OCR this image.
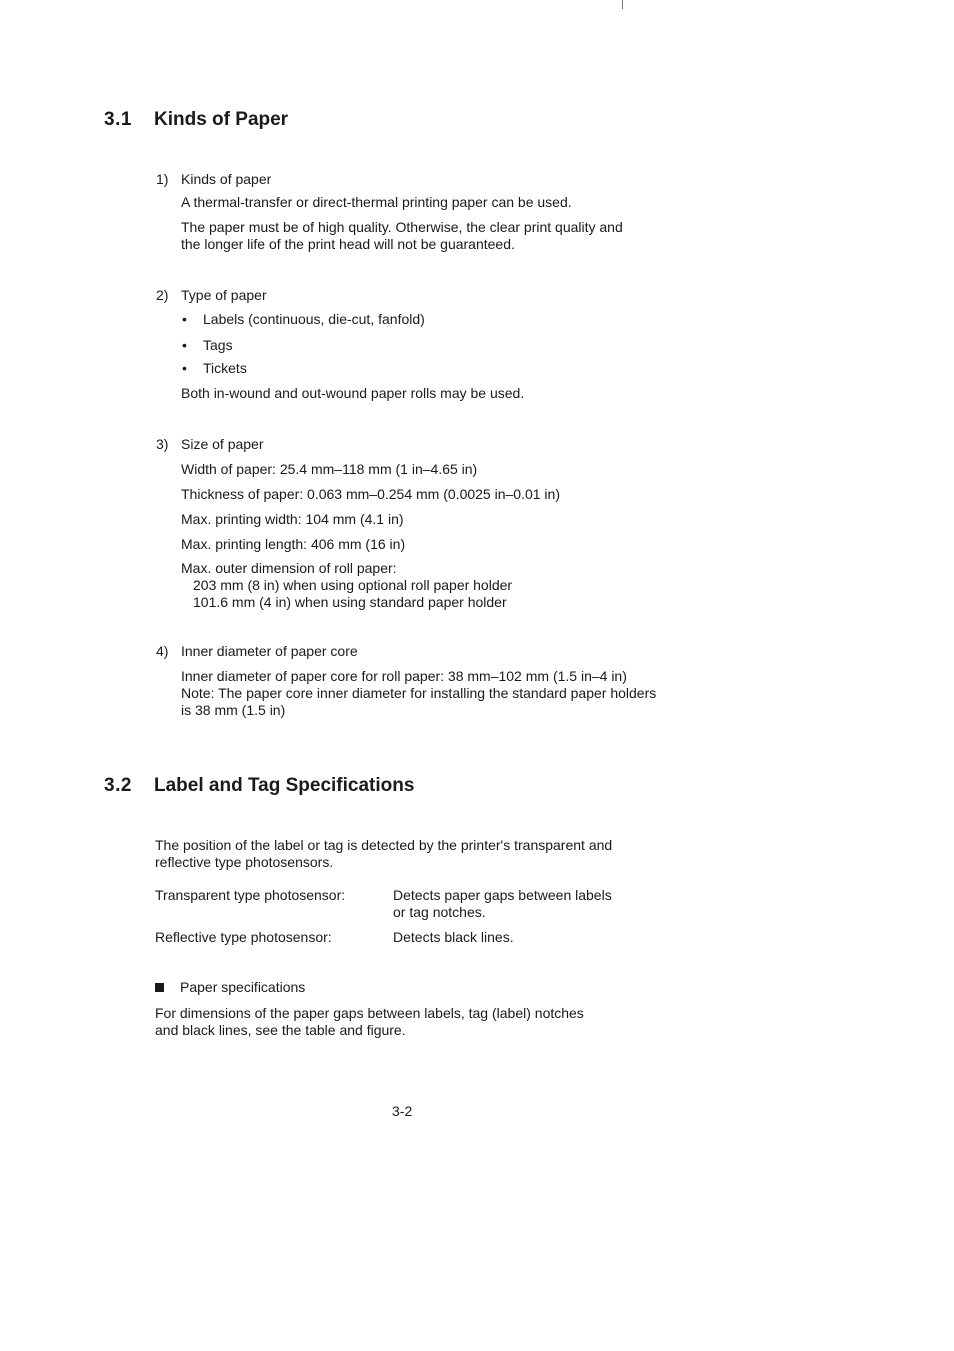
3.1 Kinds of Paper
1) Kinds of paper
A thermal-transfer or direct-thermal printing paper can be used.
The paper must be of high quality. Otherwise, the clear print quality and
the longer life of the print head will not be guaranteed.
2) Type of paper
• Labels (continuous, die-cut, fanfold)
• Tags
• Tickets
Both in-wound and out-wound paper rolls may be used.
3) Size of paper
Width of paper: 25.4 mm–118 mm (1 in–4.65 in)
Thickness of paper: 0.063 mm–0.254 mm (0.0025 in–0.01 in)
Max. printing width: 104 mm (4.1 in)
Max. printing length: 406 mm (16 in)
Max. outer dimension of roll paper:
203 mm (8 in) when using optional roll paper holder
101.6 mm (4 in) when using standard paper holder
4) Inner diameter of paper core
Inner diameter of paper core for roll paper: 38 mm–102 mm (1.5 in–4 in)
Note: The paper core inner diameter for installing the standard paper holders
is 38 mm (1.5 in)
3.2 Label and Tag Specifications
The position of the label or tag is detected by the printer's transparent and
reflective type photosensors.
Transparent type photosensor:	Detects paper gaps between labels
or tag notches.
Reflective type photosensor:	Detects black lines.
Paper specifications
For dimensions of the paper gaps between labels, tag (label) notches
and black lines, see the table and figure.
3-2
